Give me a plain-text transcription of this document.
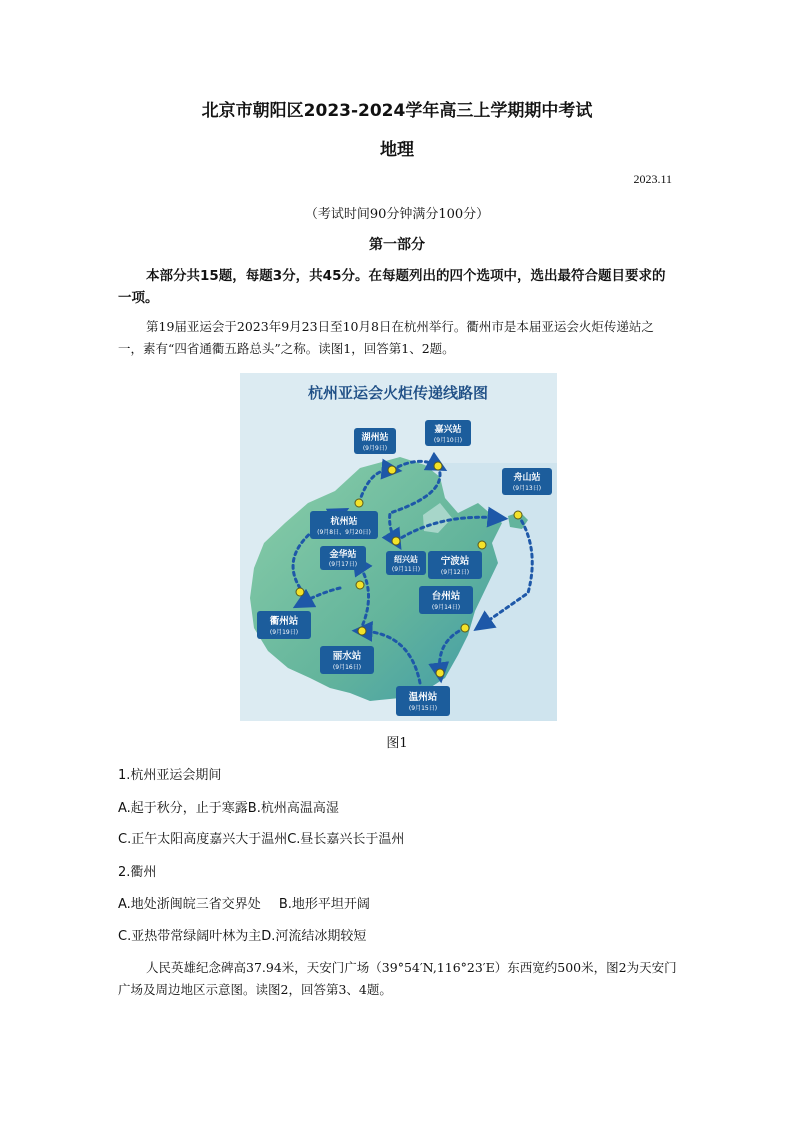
北京市朝阳区2023-2024学年高三上学期期中考试
地理
2023.11
（考试时间90分钟满分100分）
第一部分
本部分共15题，每题3分，共45分。在每题列出的四个选项中，选出最符合题目要求的一项。
第19届亚运会于2023年9月23日至10月8日在杭州举行。衢州市是本届亚运会火炬传递站之一，素有“四省通衢五路总头”之称。读图1，回答第1、2题。
杭州亚运会火炬传递线路图
湖州站
(9月9日)
嘉兴站
(9月10日)
舟山站
(9月13日)
杭州站
(9月8日、9月20日)
金华站
(9月17日)
绍兴站
(9月11日)
宁波站
(9月12日)
台州站
(9月14日)
衢州站
(9月19日)
丽水站
(9月16日)
温州站
(9月15日)
图1
1.杭州亚运会期间
A.起于秋分，止于寒露B.杭州高温高湿
C.正午太阳高度嘉兴大于温州C.昼长嘉兴长于温州
2.衢州
A.地处浙闽皖三省交界处 B.地形平坦开阔
C.亚热带常绿阔叶林为主D.河流结冰期较短
人民英雄纪念碑高37.94米，天安门广场（39°54′N,116°23′E）东西宽约500米，图2为天安门广场及周边地区示意图。读图2，回答第3、4题。
